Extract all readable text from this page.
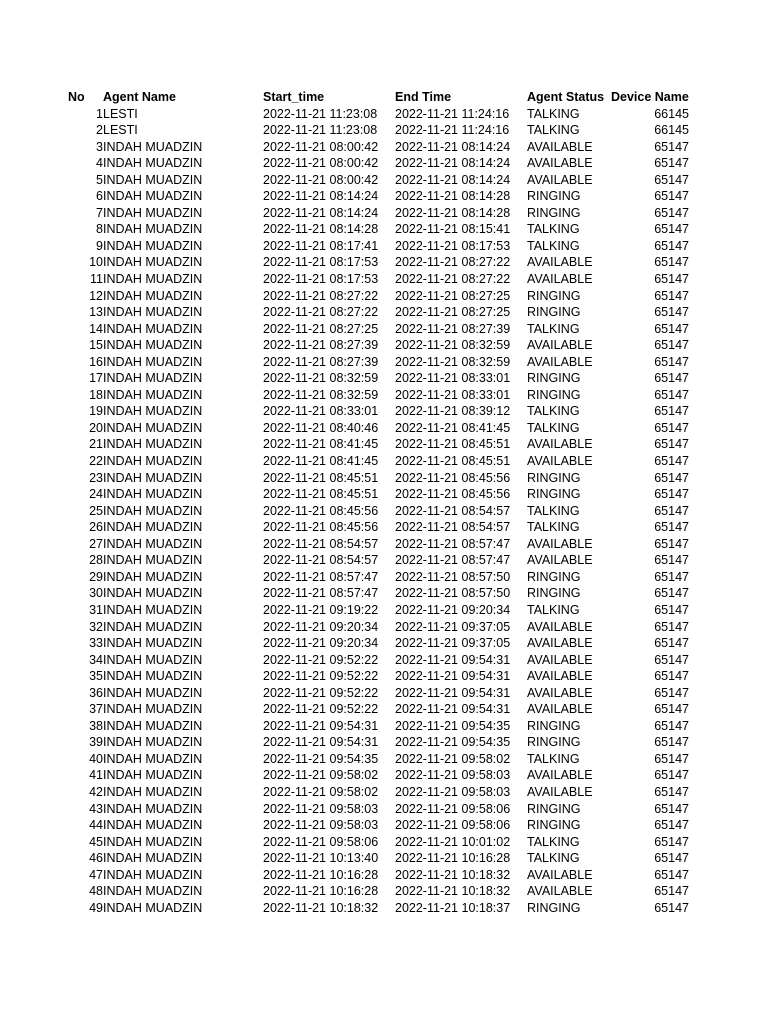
No	Agent Name	Start_time	End Time	Agent Status	Device Name
1	LESTI	2022-11-21 11:23:08	2022-11-21 11:24:16	TALKING	66145
2	LESTI	2022-11-21 11:23:08	2022-11-21 11:24:16	TALKING	66145
3	INDAH MUADZIN	2022-11-21 08:00:42	2022-11-21 08:14:24	AVAILABLE	65147
4	INDAH MUADZIN	2022-11-21 08:00:42	2022-11-21 08:14:24	AVAILABLE	65147
5	INDAH MUADZIN	2022-11-21 08:00:42	2022-11-21 08:14:24	AVAILABLE	65147
6	INDAH MUADZIN	2022-11-21 08:14:24	2022-11-21 08:14:28	RINGING	65147
7	INDAH MUADZIN	2022-11-21 08:14:24	2022-11-21 08:14:28	RINGING	65147
8	INDAH MUADZIN	2022-11-21 08:14:28	2022-11-21 08:15:41	TALKING	65147
9	INDAH MUADZIN	2022-11-21 08:17:41	2022-11-21 08:17:53	TALKING	65147
10	INDAH MUADZIN	2022-11-21 08:17:53	2022-11-21 08:27:22	AVAILABLE	65147
11	INDAH MUADZIN	2022-11-21 08:17:53	2022-11-21 08:27:22	AVAILABLE	65147
12	INDAH MUADZIN	2022-11-21 08:27:22	2022-11-21 08:27:25	RINGING	65147
13	INDAH MUADZIN	2022-11-21 08:27:22	2022-11-21 08:27:25	RINGING	65147
14	INDAH MUADZIN	2022-11-21 08:27:25	2022-11-21 08:27:39	TALKING	65147
15	INDAH MUADZIN	2022-11-21 08:27:39	2022-11-21 08:32:59	AVAILABLE	65147
16	INDAH MUADZIN	2022-11-21 08:27:39	2022-11-21 08:32:59	AVAILABLE	65147
17	INDAH MUADZIN	2022-11-21 08:32:59	2022-11-21 08:33:01	RINGING	65147
18	INDAH MUADZIN	2022-11-21 08:32:59	2022-11-21 08:33:01	RINGING	65147
19	INDAH MUADZIN	2022-11-21 08:33:01	2022-11-21 08:39:12	TALKING	65147
20	INDAH MUADZIN	2022-11-21 08:40:46	2022-11-21 08:41:45	TALKING	65147
21	INDAH MUADZIN	2022-11-21 08:41:45	2022-11-21 08:45:51	AVAILABLE	65147
22	INDAH MUADZIN	2022-11-21 08:41:45	2022-11-21 08:45:51	AVAILABLE	65147
23	INDAH MUADZIN	2022-11-21 08:45:51	2022-11-21 08:45:56	RINGING	65147
24	INDAH MUADZIN	2022-11-21 08:45:51	2022-11-21 08:45:56	RINGING	65147
25	INDAH MUADZIN	2022-11-21 08:45:56	2022-11-21 08:54:57	TALKING	65147
26	INDAH MUADZIN	2022-11-21 08:45:56	2022-11-21 08:54:57	TALKING	65147
27	INDAH MUADZIN	2022-11-21 08:54:57	2022-11-21 08:57:47	AVAILABLE	65147
28	INDAH MUADZIN	2022-11-21 08:54:57	2022-11-21 08:57:47	AVAILABLE	65147
29	INDAH MUADZIN	2022-11-21 08:57:47	2022-11-21 08:57:50	RINGING	65147
30	INDAH MUADZIN	2022-11-21 08:57:47	2022-11-21 08:57:50	RINGING	65147
31	INDAH MUADZIN	2022-11-21 09:19:22	2022-11-21 09:20:34	TALKING	65147
32	INDAH MUADZIN	2022-11-21 09:20:34	2022-11-21 09:37:05	AVAILABLE	65147
33	INDAH MUADZIN	2022-11-21 09:20:34	2022-11-21 09:37:05	AVAILABLE	65147
34	INDAH MUADZIN	2022-11-21 09:52:22	2022-11-21 09:54:31	AVAILABLE	65147
35	INDAH MUADZIN	2022-11-21 09:52:22	2022-11-21 09:54:31	AVAILABLE	65147
36	INDAH MUADZIN	2022-11-21 09:52:22	2022-11-21 09:54:31	AVAILABLE	65147
37	INDAH MUADZIN	2022-11-21 09:52:22	2022-11-21 09:54:31	AVAILABLE	65147
38	INDAH MUADZIN	2022-11-21 09:54:31	2022-11-21 09:54:35	RINGING	65147
39	INDAH MUADZIN	2022-11-21 09:54:31	2022-11-21 09:54:35	RINGING	65147
40	INDAH MUADZIN	2022-11-21 09:54:35	2022-11-21 09:58:02	TALKING	65147
41	INDAH MUADZIN	2022-11-21 09:58:02	2022-11-21 09:58:03	AVAILABLE	65147
42	INDAH MUADZIN	2022-11-21 09:58:02	2022-11-21 09:58:03	AVAILABLE	65147
43	INDAH MUADZIN	2022-11-21 09:58:03	2022-11-21 09:58:06	RINGING	65147
44	INDAH MUADZIN	2022-11-21 09:58:03	2022-11-21 09:58:06	RINGING	65147
45	INDAH MUADZIN	2022-11-21 09:58:06	2022-11-21 10:01:02	TALKING	65147
46	INDAH MUADZIN	2022-11-21 10:13:40	2022-11-21 10:16:28	TALKING	65147
47	INDAH MUADZIN	2022-11-21 10:16:28	2022-11-21 10:18:32	AVAILABLE	65147
48	INDAH MUADZIN	2022-11-21 10:16:28	2022-11-21 10:18:32	AVAILABLE	65147
49	INDAH MUADZIN	2022-11-21 10:18:32	2022-11-21 10:18:37	RINGING	65147
